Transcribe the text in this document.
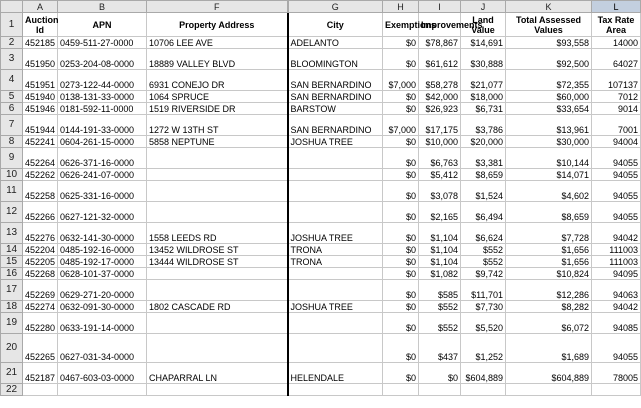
	A	B	F	G	H	I	J	K	L
1	Auction Id	APN	Property Address	City	Exemptions	Improvements	Land Value	Total Assessed Values	Tax Rate Area
2	452185	0459-511-27-0000	10706 LEE AVE	ADELANTO	$0	$78,867	$14,691	$93,558	14000
3	451950	0253-204-08-0000	18889 VALLEY BLVD	BLOOMINGTON	$0	$61,612	$30,888	$92,500	64027
4	451951	0273-122-44-0000	6931 CONEJO DR	SAN BERNARDINO	$7,000	$58,278	$21,077	$72,355	107137
5	451940	0138-131-33-0000	1064 SPRUCE	SAN BERNARDINO	$0	$42,000	$18,000	$60,000	7012
6	451946	0181-592-11-0000	1519 RIVERSIDE DR	BARSTOW	$0	$26,923	$6,731	$33,654	9014
7	451944	0144-191-33-0000	1272 W 13TH ST	SAN BERNARDINO	$7,000	$17,175	$3,786	$13,961	7001
8	452241	0604-261-15-0000	5858 NEPTUNE	JOSHUA TREE	$0	$10,000	$20,000	$30,000	94004
9	452264	0626-371-16-0000			$0	$6,763	$3,381	$10,144	94055
10	452262	0626-241-07-0000			$0	$5,412	$8,659	$14,071	94055
11	452258	0625-331-16-0000			$0	$3,078	$1,524	$4,602	94055
12	452266	0627-121-32-0000			$0	$2,165	$6,494	$8,659	94055
13	452276	0632-141-30-0000	1558 LEEDS RD	JOSHUA TREE	$0	$1,104	$6,624	$7,728	94042
14	452204	0485-192-16-0000	13452 WILDROSE ST	TRONA	$0	$1,104	$552	$1,656	111003
15	452205	0485-192-17-0000	13444 WILDROSE ST	TRONA	$0	$1,104	$552	$1,656	111003
16	452268	0628-101-37-0000			$0	$1,082	$9,742	$10,824	94095
17	452269	0629-271-20-0000			$0	$585	$11,701	$12,286	94063
18	452274	0632-091-30-0000	1802 CASCADE RD	JOSHUA TREE	$0	$552	$7,730	$8,282	94042
19	452280	0633-191-14-0000			$0	$552	$5,520	$6,072	94085
20	452265	0627-031-34-0000			$0	$437	$1,252	$1,689	94055
21	452187	0467-603-03-0000	CHAPARRAL LN	HELENDALE	$0	$0	$604,889	$604,889	78005
22									
